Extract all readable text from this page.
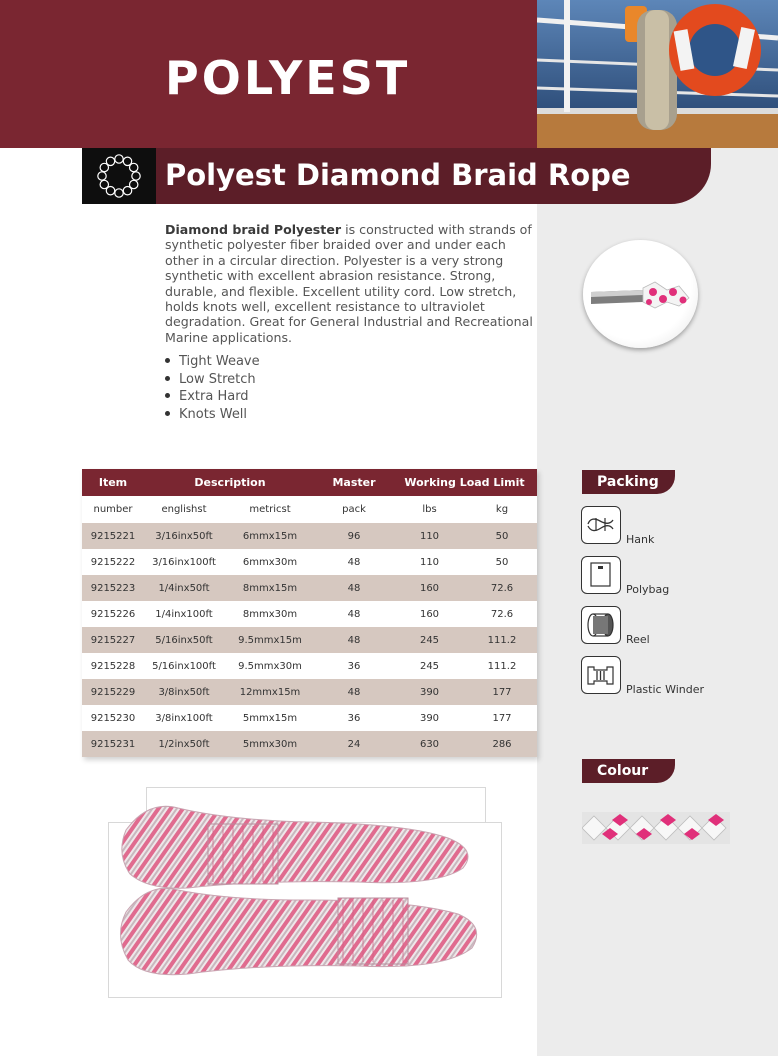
POLYEST
Polyest Diamond Braid Rope
Diamond braid Polyester is constructed with strands of synthetic polyester fiber braided over and under each other in a circular direction. Polyester is a very strong synthetic with excellent abrasion resistance. Strong, durable, and flexible. Excellent utility cord. Low stretch, holds knots well, excellent resistance to ultraviolet degradation. Great for General Industrial and Recreational Marine applications.
Tight Weave
Low Stretch
Extra Hard
Knots Well
Item	Description		Master	Working Load Limit	
number	englishst	metricst	pack	lbs	kg
9215221	3/16inx50ft	6mmx15m	96	110	50
9215222	3/16inx100ft	6mmx30m	48	110	50
9215223	1/4inx50ft	8mmx15m	48	160	72.6
9215226	1/4inx100ft	8mmx30m	48	160	72.6
9215227	5/16inx50ft	9.5mmx15m	48	245	111.2
9215228	5/16inx100ft	9.5mmx30m	36	245	111.2
9215229	3/8inx50ft	12mmx15m	48	390	177
9215230	3/8inx100ft	5mmx15m	36	390	177
9215231	1/2inx50ft	5mmx30m	24	630	286
Packing
Hank
Polybag
Reel
Plastic Winder
Colour
